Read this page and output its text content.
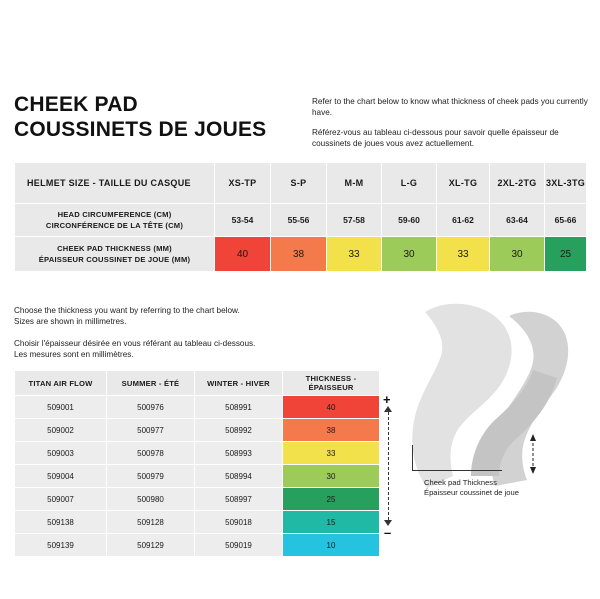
CHEEK PAD
COUSSINETS DE JOUES

Refer to the chart below to know what thickness of cheek pads you currently have.

Référez-vous au tableau ci-dessous pour savoir quelle épaisseur de coussinets de joues vous avez actuellement.

HELMET SIZE - TAILLE DU CASQUE	XS-TP	S-P	M-M	L-G	XL-TG	2XL-2TG	3XL-3TG

HEAD CIRCUMFERENCE (CM)
CIRCONFÉRENCE DE LA TÊTE (CM)	53-54	55-56	57-58	59-60	61-62	63-64	65-66

CHEEK PAD THICKNESS (MM)
ÉPAISSEUR COUSSINET DE JOUE (MM)	40	38	33	30	33	30	25

Choose the thickness you want by referring to the chart below.
Sizes are shown in millimetres.

Choisir l'épaisseur désirée en vous référant au tableau ci-dessous.
Les mesures sont en millimètres.

TITAN AIR FLOW	SUMMER - ÉTÉ	WINTER - HIVER	THICKNESS - ÉPAISSEUR
509001	500976	508991	40
509002	500977	508992	38
509003	500978	508993	33
509004	500979	508994	30
509007	500980	508997	25
509138	509128	509018	15
509139	509129	509019	10
+
–
Cheek pad Thickness
Épaisseur coussinet de joue
